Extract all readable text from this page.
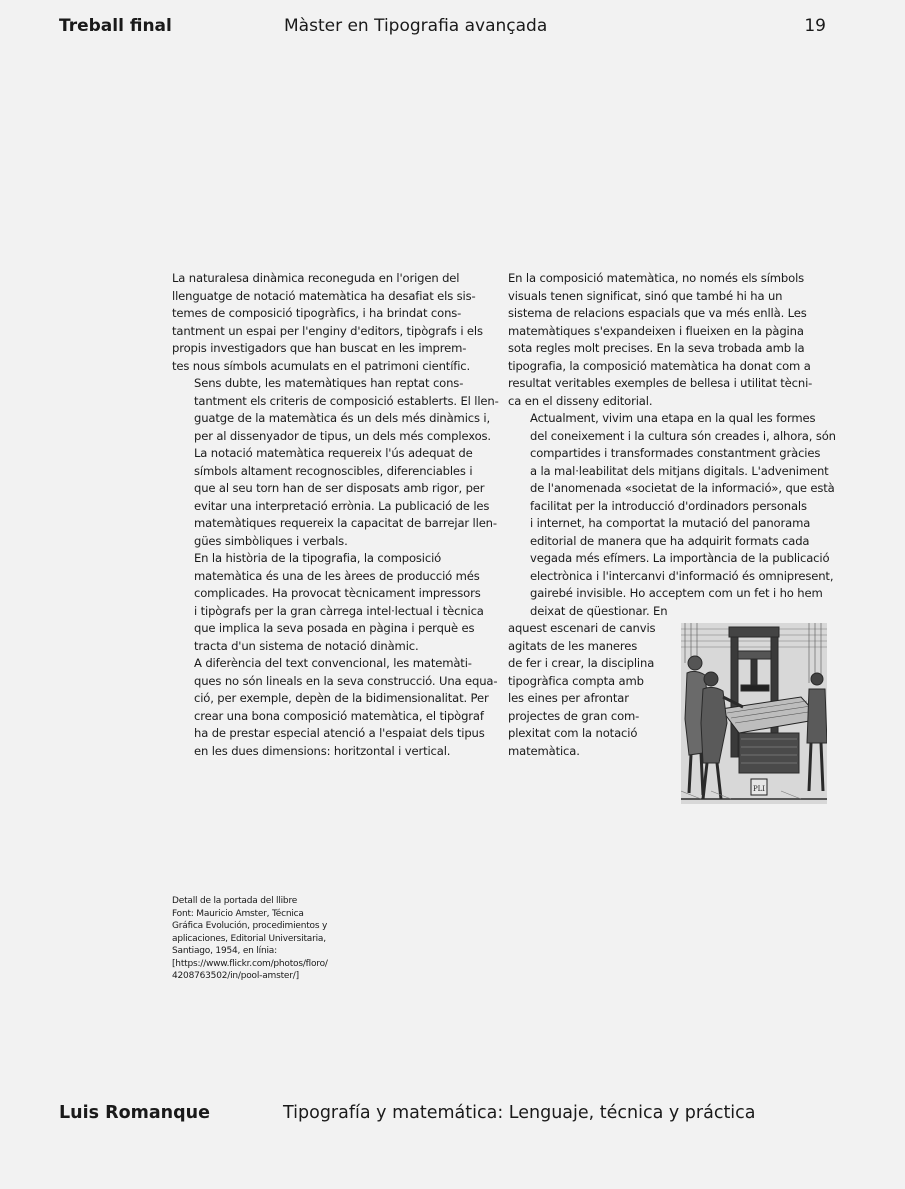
Treball final	Màster en Tipografia avançada	19

La naturalesa dinàmica reconeguda en l'origen del
llenguatge de notació matemàtica ha desafiat els sis-
temes de composició tipogràfics, i ha brindat cons-
tantment un espai per l'enginy d'editors, tipògrafs i els
propis investigadors que han buscat en les imprem-
tes nous símbols acumulats en el patrimoni científic.

Sens dubte, les matemàtiques han reptat cons-
tantment els criteris de composició establerts. El llen-
guatge de la matemàtica és un dels més dinàmics i,
per al dissenyador de tipus, un dels més complexos.
La notació matemàtica requereix l'ús adequat de
símbols altament recognoscibles, diferenciables i
que al seu torn han de ser disposats amb rigor, per
evitar una interpretació errònia. La publicació de les
matemàtiques requereix la capacitat de barrejar llen-
gües simbòliques i verbals.

En la història de la tipografia, la composició
matemàtica és una de les àrees de producció més
complicades. Ha provocat tècnicament impressors
i tipògrafs per la gran càrrega intel·lectual i tècnica
que implica la seva posada en pàgina i perquè es
tracta d'un sistema de notació dinàmic.

A diferència del text convencional, les matemàti-
ques no són lineals en la seva construcció. Una equa-
ció, per exemple, depèn de la bidimensionalitat. Per
crear una bona composició matemàtica, el tipògraf
ha de prestar especial atenció a l'espaiat dels tipus
en les dues dimensions: horitzontal i vertical.

En la composició matemàtica, no només els símbols
visuals tenen significat, sinó que també hi ha un
sistema de relacions espacials que va més enllà. Les
matemàtiques s'expandeixen i flueixen en la pàgina
sota regles molt precises. En la seva trobada amb la
tipografia, la composició matemàtica ha donat com a
resultat veritables exemples de bellesa i utilitat tècni-
ca en el disseny editorial.

Actualment, vivim una etapa en la qual les formes
del coneixement i la cultura són creades i, alhora, són
compartides i transformades constantment gràcies
a la mal·leabilitat dels mitjans digitals. L'adveniment
de l'anomenada «societat de la informació», que està
facilitat per la introducció d'ordinadors personals
i internet, ha comportat la mutació del panorama
editorial de manera que ha adquirit formats cada
vegada més efímers. La importància de la publicació
electrònica i l'intercanvi d'informació és omnipresent,
gairebé invisible. Ho acceptem com un fet i ho hem
deixat de qüestionar. En

aquest escenari de canvis
agitats de les maneres
de fer i crear, la disciplina
tipogràfica compta amb
les eines per afrontar
projectes de gran com-
plexitat com la notació
matemàtica.

PLI
Detall de la portada del llibre
Font: Mauricio Amster, Técnica
Gráfica Evolución, procedimientos y
aplicaciones, Editorial Universitaria,
Santiago, 1954, en línia:
[https://www.flickr.com/photos/floro/
4208763502/in/pool-amster/]
Luis Romanque	Tipografía y matemática: Lenguaje, técnica y práctica
